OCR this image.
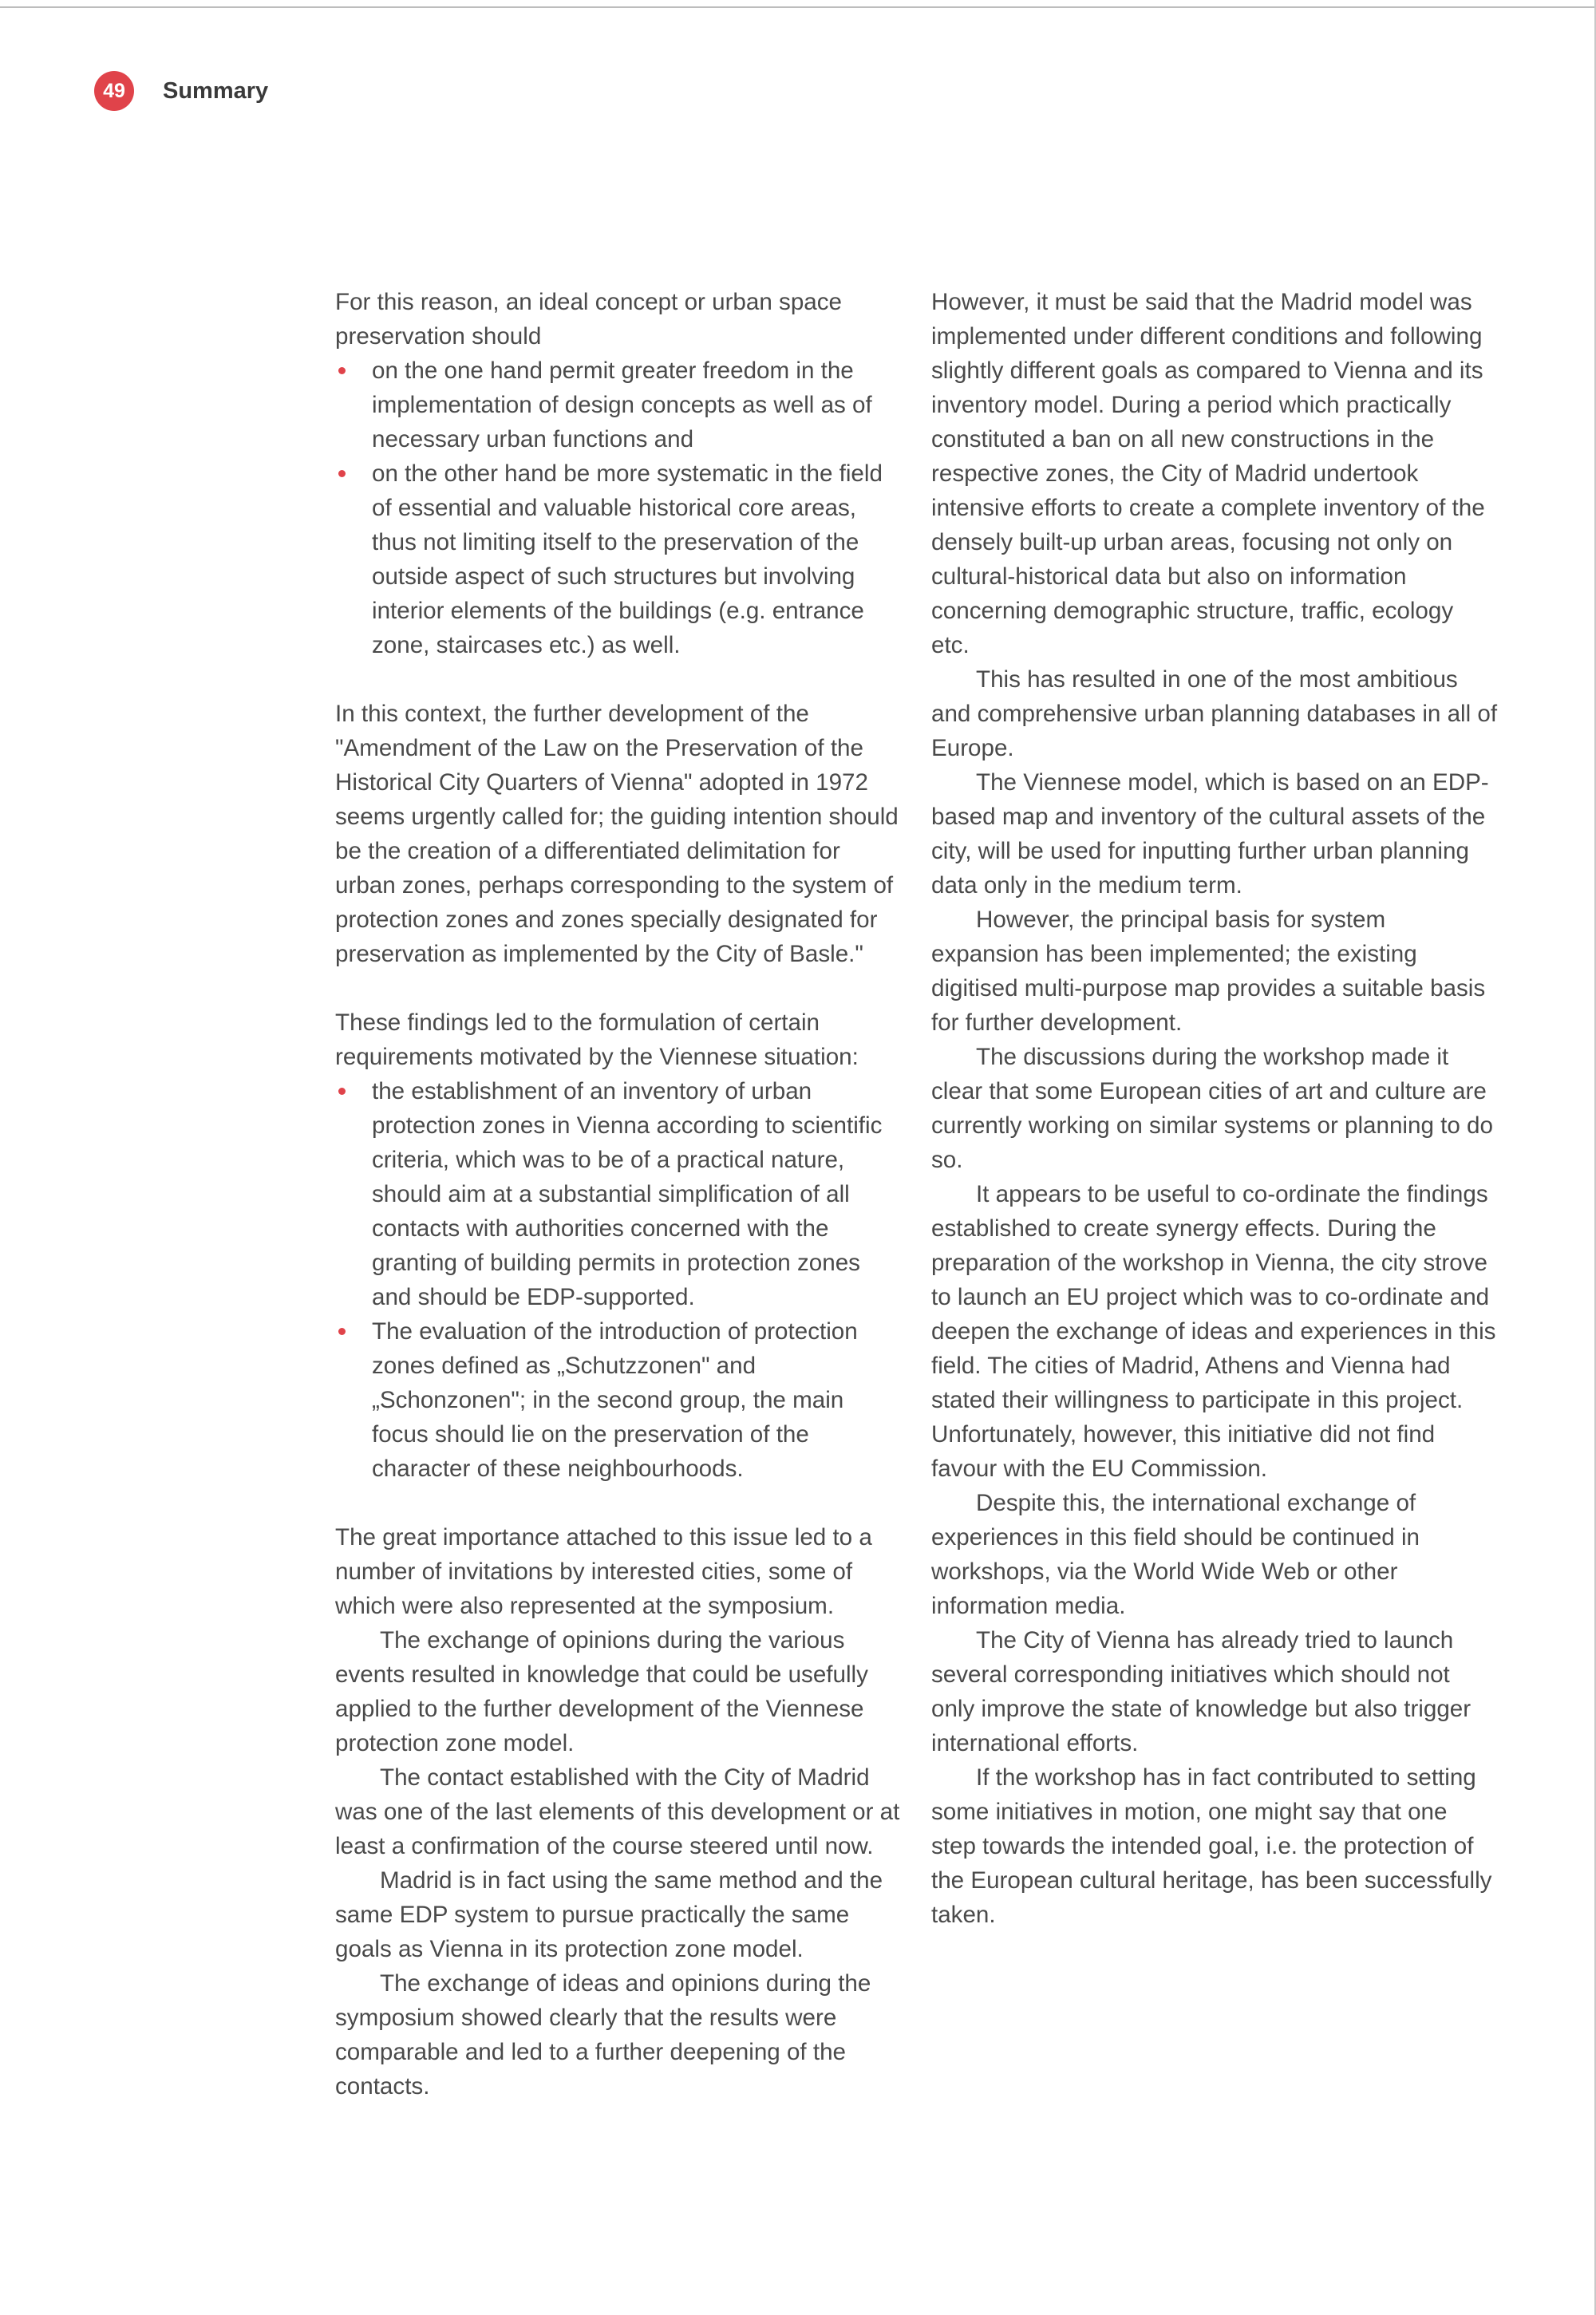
49	Summary

For this reason, an ideal concept or urban space preservation should

on the one hand permit greater freedom in the implementation of design concepts as well as of necessary urban functions and
on the other hand be more systematic in the field of essential and valuable historical core areas, thus not limiting itself to the preservation of the outside aspect of such structures but involving interior elements of the buildings (e.g. entrance zone, staircases etc.) as well.

In this context, the further development of the "Amendment of the Law on the Preservation of the Historical City Quarters of Vienna" adopted in 1972 seems urgently called for; the guiding intention should be the creation of a differentiated delimitation for urban zones, perhaps corresponding to the system of protection zones and zones specially designated for preservation as implemented by the City of Basle."

These findings led to the formulation of certain requirements motivated by the Viennese situation:

the establishment of an inventory of urban protection zones in Vienna according to scientific criteria, which was to be of a practical nature, should aim at a substantial simplification of all contacts with authorities concerned with the granting of building permits in protection zones and should be EDP-supported.
The evaluation of the introduction of protection zones defined as „Schutzzonen" and „Schonzonen"; in the second group, the main focus should lie on the preservation of the character of these neighbourhoods.

The great importance attached to this issue led to a number of invitations by interested cities, some of which were also represented at the symposium.

The exchange of opinions during the various events resulted in knowledge that could be usefully applied to the further development of the Viennese protection zone model.

The contact established with the City of Madrid was one of the last elements of this development or at least a confirmation of the course steered until now.

Madrid is in fact using the same method and the same EDP system to pursue practically the same goals as Vienna in its protection zone model.

The exchange of ideas and opinions during the symposium showed clearly that the results were comparable and led to a further deepening of the contacts.

However, it must be said that the Madrid model was implemented under different conditions and following slightly different goals as compared to Vienna and its inventory model. During a period which practically constituted a ban on all new constructions in the respective zones, the City of Madrid undertook intensive efforts to create a complete inventory of the densely built-up urban areas, focusing not only on cultural-historical data but also on information concerning demographic structure, traffic, ecology etc.

This has resulted in one of the most ambitious and comprehensive urban planning databases in all of Europe.

The Viennese model, which is based on an EDP-based map and inventory of the cultural assets of the city, will be used for inputting further urban planning data only in the medium term.

However, the principal basis for system expansion has been implemented; the existing digitised multi-purpose map provides a suitable basis for further development.

The discussions during the workshop made it clear that some European cities of art and culture are currently working on similar systems or planning to do so.

It appears to be useful to co-ordinate the findings established to create synergy effects. During the preparation of the workshop in Vienna, the city strove to launch an EU project which was to co-ordinate and deepen the exchange of ideas and experiences in this field. The cities of Madrid, Athens and Vienna had stated their willingness to participate in this project. Unfortunately, however, this initiative did not find favour with the EU Commission.

Despite this, the international exchange of experiences in this field should be continued in workshops, via the World Wide Web or other information media.

The City of Vienna has already tried to launch several corresponding initiatives which should not only improve the state of knowledge but also trigger international efforts.

If the workshop has in fact contributed to setting some initiatives in motion, one might say that one step towards the intended goal, i.e. the protection of the European cultural heritage, has been successfully taken.
